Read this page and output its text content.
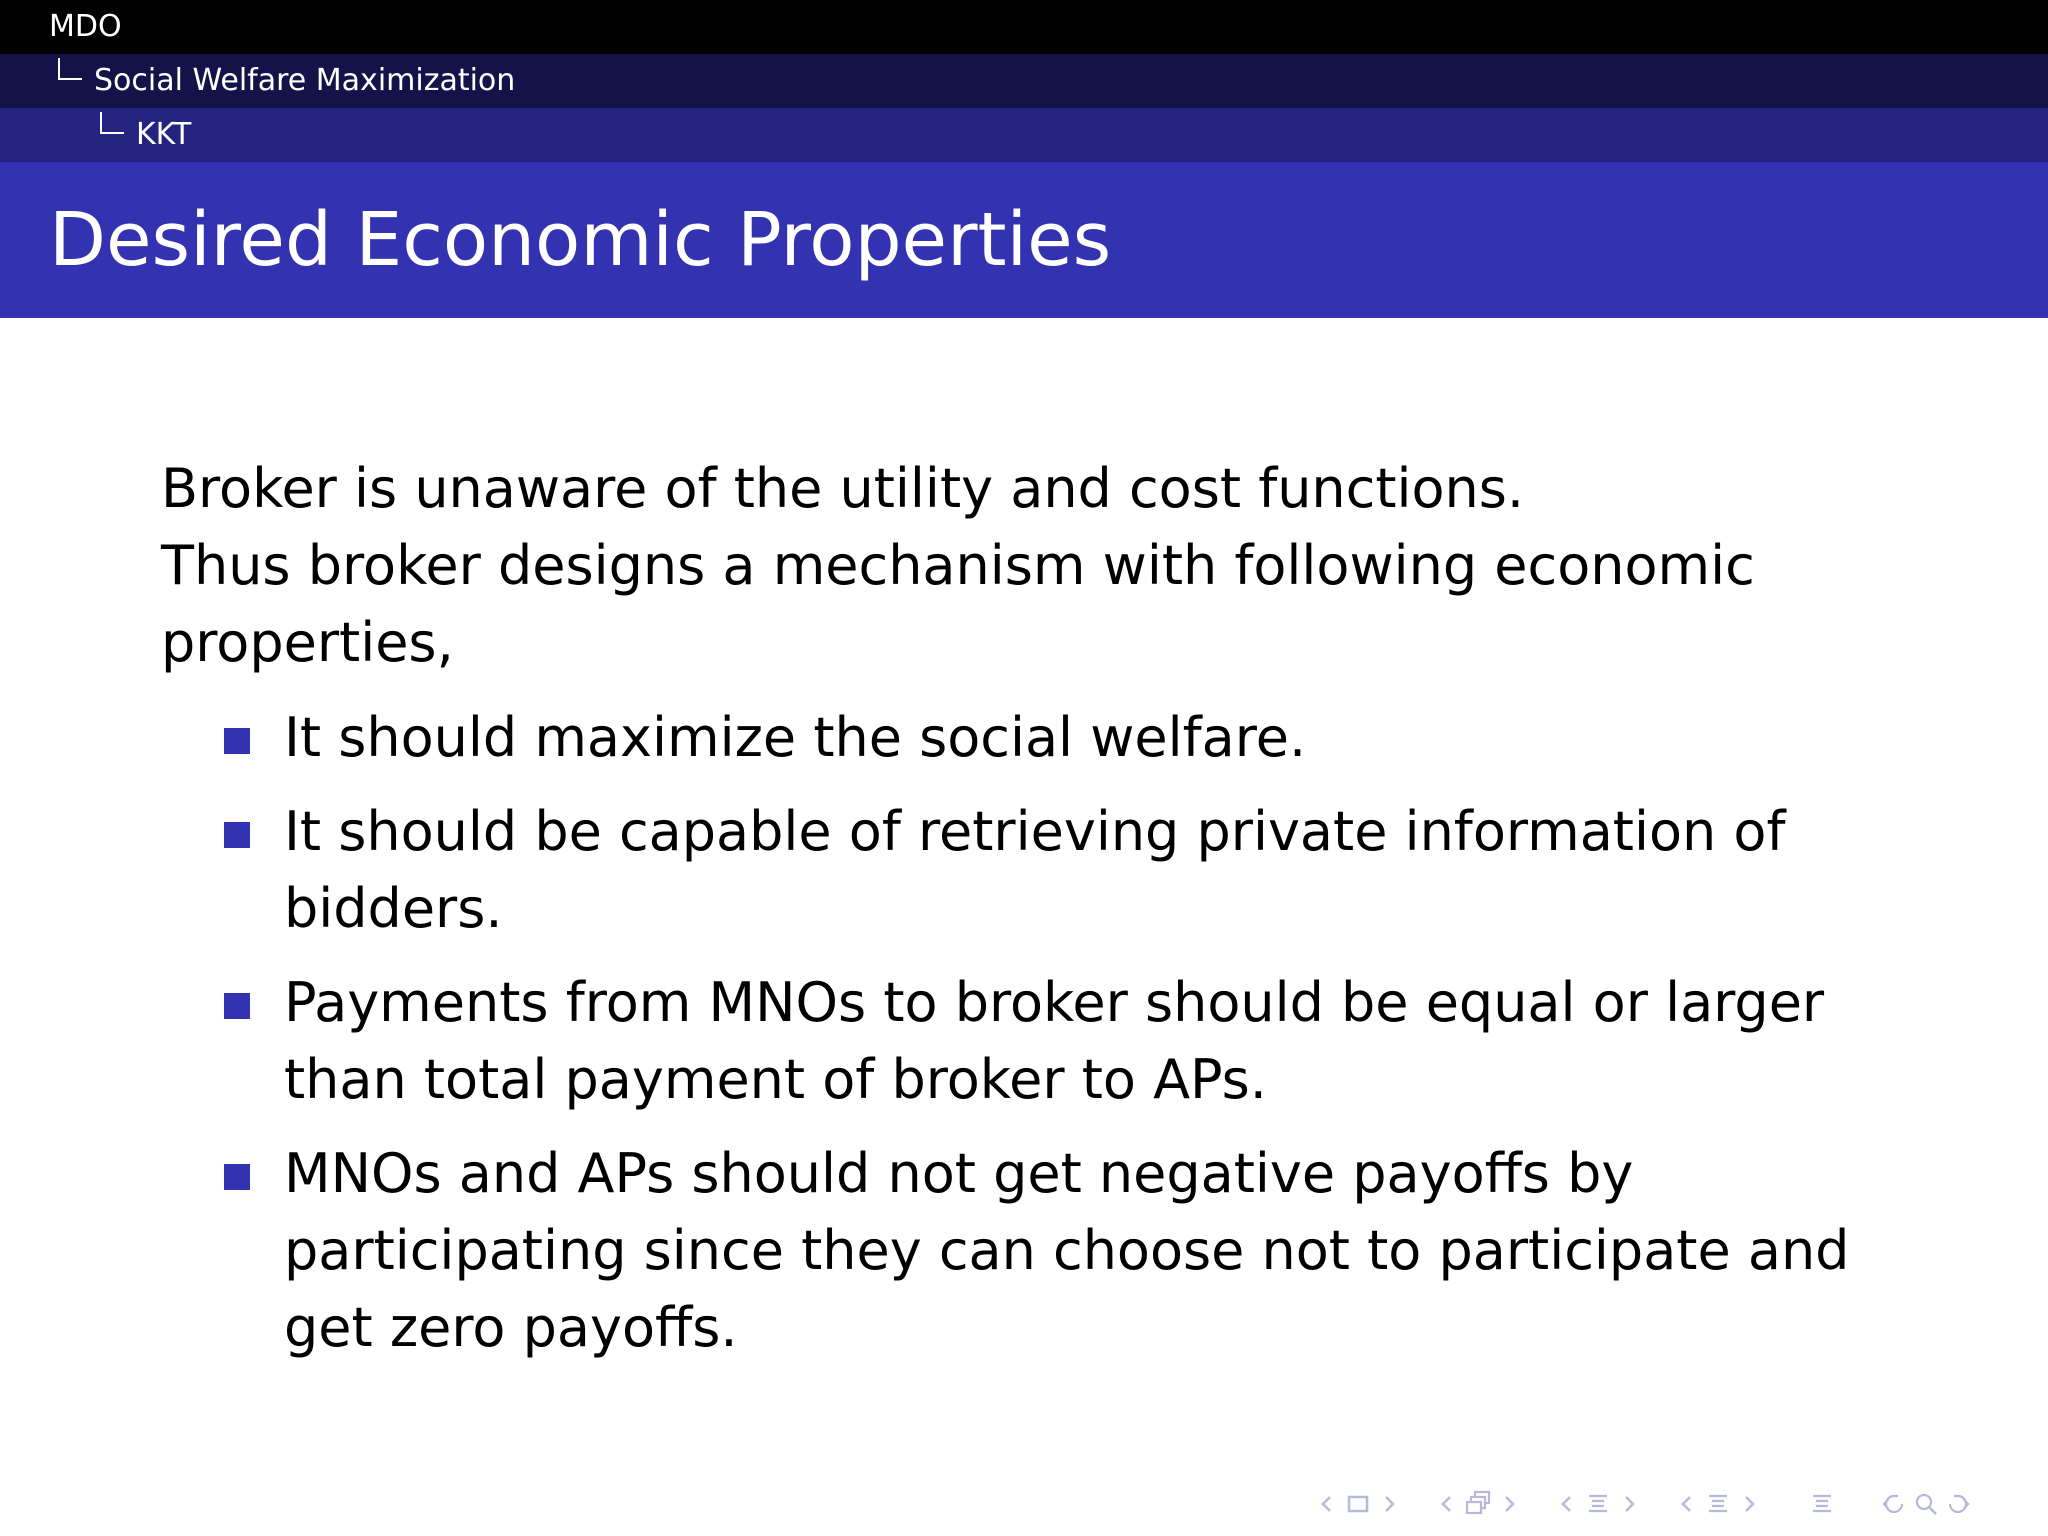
MDO
Social Welfare Maximization
KKT
Desired Economic Properties

Broker is unaware of the utility and cost functions.

Thus broker designs a mechanism with following economic properties,

It should maximize the social welfare.
It should be capable of retrieving private information of bidders.
Payments from MNOs to broker should be equal or larger than total payment of broker to APs.
MNOs and APs should not get negative payoffs by participating since they can choose not to participate and get zero payoffs.
